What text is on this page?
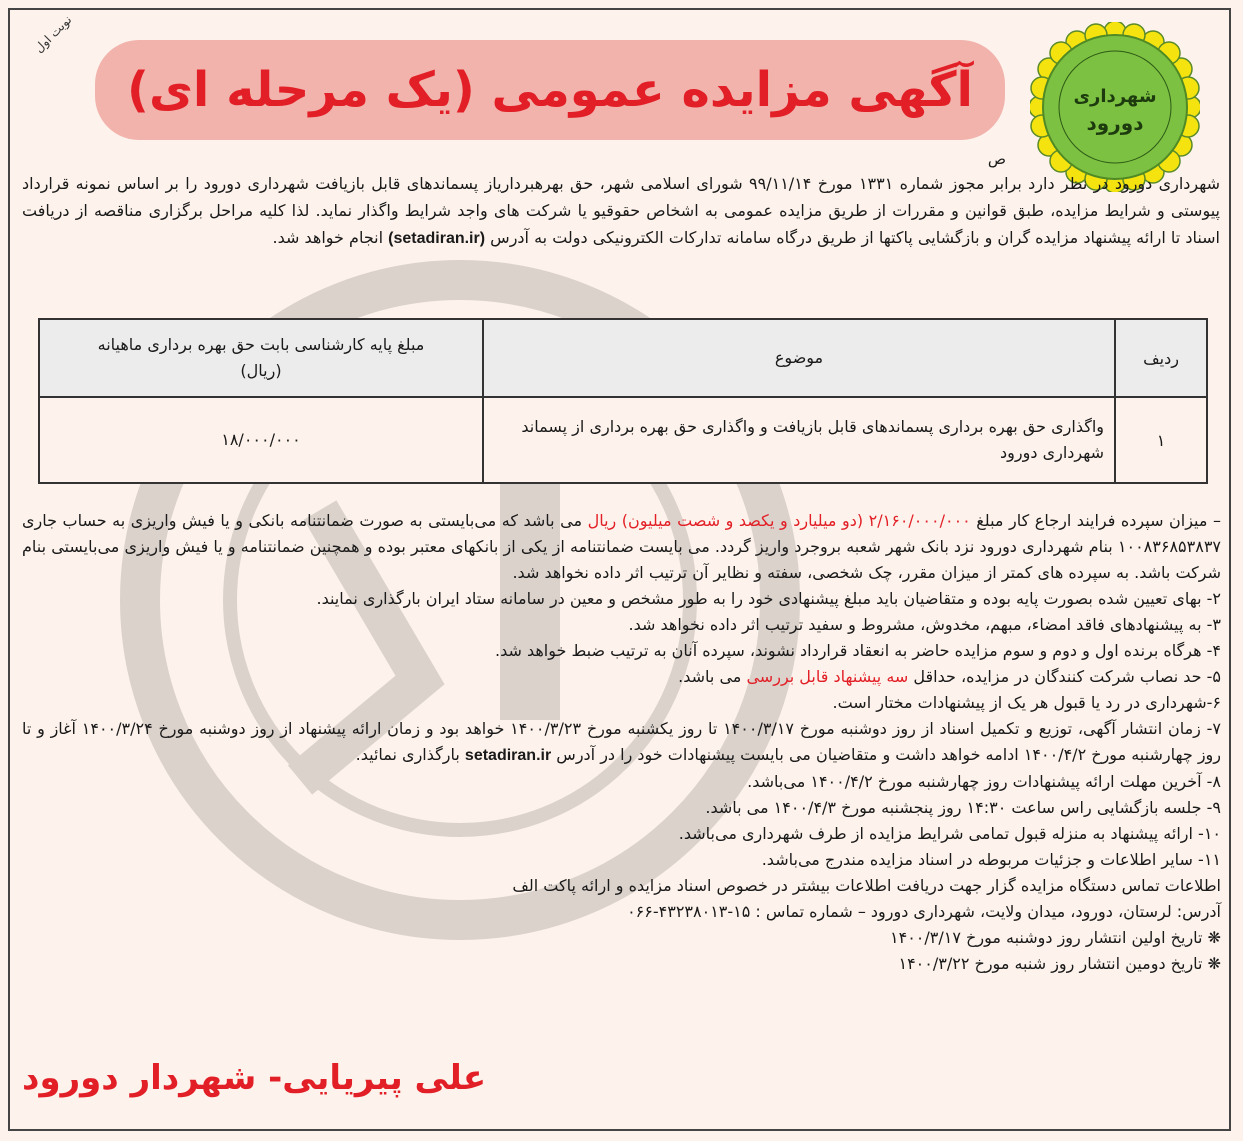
نوبت اول
آگهی مزایده عمومی (یک مرحله ای)	شهرداری
دورود
ص
شهرداری دورود در نظر دارد برابر مجوز شماره ۱۳۳۱ مورخ ۹۹/۱۱/۱۴ شورای اسلامی شهر، حق بهرهبرداریاز پسماندهای قابل بازیافت شهرداری دورود را بر اساس نمونه قرارداد پیوستی و شرایط مزایده، طبق قوانین و مقررات از طریق مزایده عمومی به اشخاص حقوقیو یا شرکت های واجد شرایط واگذار نماید. لذا کلیه مراحل برگزاری مناقصه از دریافت اسناد تا ارائه پیشنهاد مزایده گران و بازگشایی پاکتها از طریق درگاه سامانه تدارکات الکترونیکی دولت به آدرس (setadiran.ir) انجام خواهد شد.
ردیف	موضوع	مبلغ پایه کارشناسی بابت حق بهره برداری ماهیانه
(ریال)

۱	واگذاری حق بهره برداری پسماندهای قابل بازیافت و واگذاری حق بهره برداری از پسماند شهرداری دورود	۱۸/۰۰۰/۰۰۰

– میزان سپرده فرایند ارجاع کار مبلغ ۲/۱۶۰/۰۰۰/۰۰۰ (دو میلیارد و یکصد و شصت میلیون) ریال می باشد که می‌بایستی به صورت ضمانتنامه بانکی و یا فیش واریزی به حساب جاری ۱۰۰۸۳۶۸۵۳۸۳۷ بنام شهرداری دورود نزد بانک شهر شعبه بروجرد واریز گردد. می بایست ضمانتنامه از یکی از بانکهای معتبر بوده و همچنین ضمانتنامه و یا فیش واریزی می‌بایستی بنام شرکت باشد. به سپرده های کمتر از میزان مقرر، چک شخصی، سفته و نظایر آن ترتیب اثر داده نخواهد شد.

۲- بهای تعیین شده بصورت پایه بوده و متقاضیان باید مبلغ پیشنهادی خود را به طور مشخص و معین در سامانه ستاد ایران بارگذاری نمایند.

۳- به پیشنهادهای فاقد امضاء، مبهم، مخدوش، مشروط و سفید ترتیب اثر داده نخواهد شد.

۴- هرگاه برنده اول و دوم و سوم مزایده حاضر به انعقاد قرارداد نشوند، سپرده آنان به ترتیب ضبط خواهد شد.

۵- حد نصاب شرکت کنندگان در مزایده، حداقل سه پیشنهاد قابل بررسی می باشد.

۶-شهرداری در رد یا قبول هر یک از پیشنهادات مختار است.

۷- زمان انتشار آگهی، توزیع و تکمیل اسناد از روز دوشنبه مورخ ۱۴۰۰/۳/۱۷ تا روز یکشنبه مورخ ۱۴۰۰/۳/۲۳ خواهد بود و زمان ارائه پیشنهاد از روز دوشنبه مورخ ۱۴۰۰/۳/۲۴ آغاز و تا روز چهارشنبه مورخ ۱۴۰۰/۴/۲ ادامه خواهد داشت و متقاضیان می بایست پیشنهادات خود را در آدرس setadiran.ir بارگذاری نمائید.

۸- آخرین مهلت ارائه پیشنهادات روز چهارشنبه مورخ ۱۴۰۰/۴/۲ می‌باشد.

۹- جلسه بازگشایی راس ساعت ۱۴:۳۰ روز پنجشنبه مورخ ۱۴۰۰/۴/۳ می باشد.

۱۰- ارائه پیشنهاد به منزله قبول تمامی شرایط مزایده از طرف شهرداری می‌باشد.

۱۱- سایر اطلاعات و جزئیات مربوطه در اسناد مزایده مندرج می‌باشد.

اطلاعات تماس دستگاه مزایده گزار جهت دریافت اطلاعات بیشتر در خصوص اسناد مزایده و ارائه پاکت الف

آدرس: لرستان، دورود، میدان ولایت، شهرداری دورود – شماره تماس : ۱۵-۴۳۲۳۸۰۱۳-۰۶۶

❋ تاریخ اولین انتشار روز دوشنبه مورخ ۱۴۰۰/۳/۱۷

❋ تاریخ دومین انتشار روز شنبه مورخ ۱۴۰۰/۳/۲۲

علی پیریایی- شهردار دورود
